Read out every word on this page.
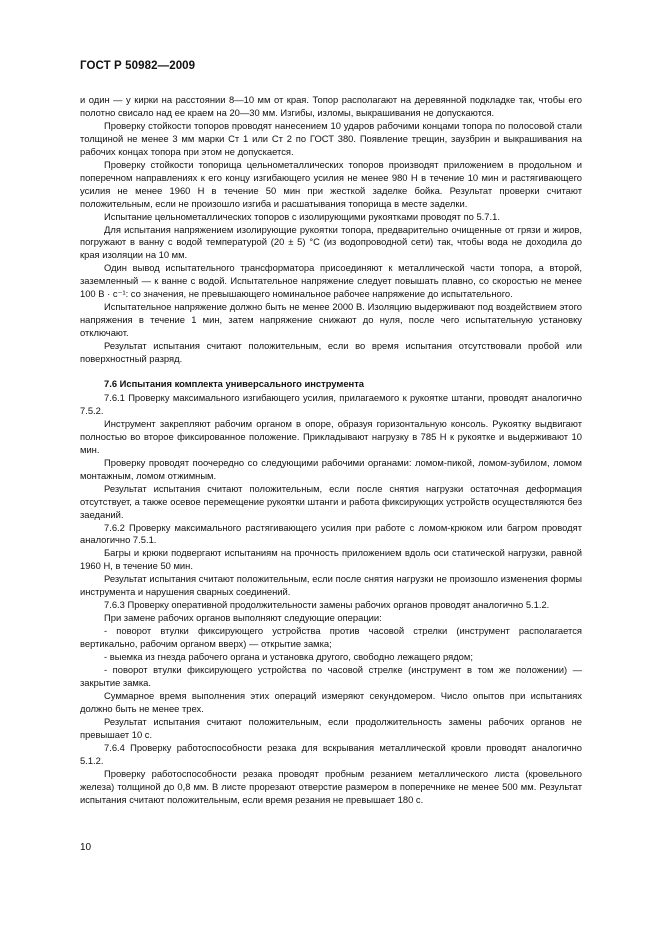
ГОСТ Р 50982—2009

и один — у кирки на расстоянии 8—10 мм от края. Топор располагают на деревянной подкладке так, чтобы его полотно свисало над ее краем на 20—30 мм. Изгибы, изломы, выкрашивания не допускаются.

Проверку стойкости топоров проводят нанесением 10 ударов рабочими концами топора по полосовой стали толщиной не менее 3 мм марки Ст 1 или Ст 2 по ГОСТ 380. Появление трещин, заузбрин и выкрашивания на рабочих концах топора при этом не допускается.

Проверку стойкости топорища цельнометаллических топоров производят приложением в продольном и поперечном направлениях к его концу изгибающего усилия не менее 980 Н в течение 10 мин и растягивающего усилия не менее 1960 Н в течение 50 мин при жесткой заделке бойка. Результат проверки считают положительным, если не произошло изгиба и расшатывания топорища в месте заделки.

Испытание цельнометаллических топоров с изолирующими рукоятками проводят по 5.7.1.

Для испытания напряжением изолирующие рукоятки топора, предварительно очищенные от грязи и жиров, погружают в ванну с водой температурой (20 ± 5) °С (из водопроводной сети) так, чтобы вода не доходила до края изоляции на 10 мм.

Один вывод испытательного трансформатора присоединяют к металлической части топора, а второй, заземленный — к ванне с водой. Испытательное напряжение следует повышать плавно, со скоростью не менее 100 В · с⁻¹: со значения, не превышающего номинальное рабочее напряжение до испытательного.

Испытательное напряжение должно быть не менее 2000 В. Изоляцию выдерживают под воздействием этого напряжения в течение 1 мин, затем напряжение снижают до нуля, после чего испытательную установку отключают.

Результат испытания считают положительным, если во время испытания отсутствовали пробой или поверхностный разряд.

7.6 Испытания комплекта универсального инструмента

7.6.1 Проверку максимального изгибающего усилия, прилагаемого к рукоятке штанги, проводят аналогично 7.5.2.

Инструмент закрепляют рабочим органом в опоре, образуя горизонтальную консоль. Рукоятку выдвигают полностью во второе фиксированное положение. Прикладывают нагрузку в 785 Н к рукоятке и выдерживают 10 мин.

Проверку проводят поочередно со следующими рабочими органами: ломом-пикой, ломом-зубилом, ломом монтажным, ломом отжимным.

Результат испытания считают положительным, если после снятия нагрузки остаточная деформация отсутствует, а также осевое перемещение рукоятки штанги и работа фиксирующих устройств осуществляются без заеданий.

7.6.2 Проверку максимального растягивающего усилия при работе с ломом-крюком или багром проводят аналогично 7.5.1.

Багры и крюки подвергают испытаниям на прочность приложением вдоль оси статической нагрузки, равной 1960 Н, в течение 50 мин.

Результат испытания считают положительным, если после снятия нагрузки не произошло изменения формы инструмента и нарушения сварных соединений.

7.6.3 Проверку оперативной продолжительности замены рабочих органов проводят аналогично 5.1.2.

При замене рабочих органов выполняют следующие операции:

- поворот втулки фиксирующего устройства против часовой стрелки (инструмент располагается вертикально, рабочим органом вверх) — открытие замка;

- выемка из гнезда рабочего органа и установка другого, свободно лежащего рядом;

- поворот втулки фиксирующего устройства по часовой стрелке (инструмент в том же положении) — закрытие замка.

Суммарное время выполнения этих операций измеряют секундомером. Число опытов при испытаниях должно быть не менее трех.

Результат испытания считают положительным, если продолжительность замены рабочих органов не превышает 10 с.

7.6.4 Проверку работоспособности резака для вскрывания металлической кровли проводят аналогично 5.1.2.

Проверку работоспособности резака проводят пробным резанием металлического листа (кровельного железа) толщиной до 0,8 мм. В листе прорезают отверстие размером в поперечнике не менее 500 мм. Результат испытания считают положительным, если время резания не превышает 180 с.

10
